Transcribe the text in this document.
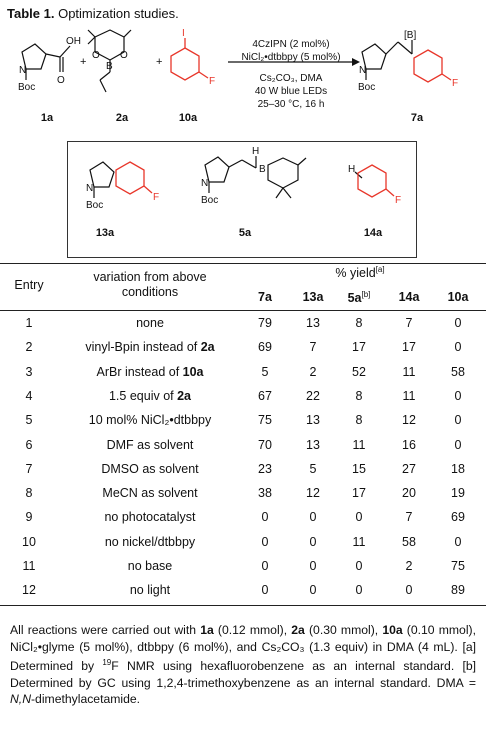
Table 1. Optimization studies.
N
Boc
OH
O
O O
B
I
F
N
Boc
[B]
F
N
Boc
F
N
Boc
H
B	H
F
+	+
1a	2a	10a	7a
4CzIPN (2 mol%)
NiCl₂•dtbbpy (5 mol%)
Cs₂CO₃, DMA
40 W blue LEDs
25–30 °C, 16 h
13a	5a	14a
Entry
variation from above conditions
% yield[a]
7a	13a	5a[b]	14a	10a
1	none	79	13	8	7	0
2	vinyl-Bpin instead of 2a	69	7	17	17	0
3	ArBr instead of 10a	5	2	52	11	58
4	1.5 equiv of 2a	67	22	8	11	0
5	10 mol% NiCl₂•dtbbpy	75	13	8	12	0
6	DMF as solvent	70	13	11	16	0
7	DMSO as solvent	23	5	15	27	18
8	MeCN as solvent	38	12	17	20	19
9	no photocatalyst	0	0	0	7	69
10	no nickel/dtbbpy	0	0	11	58	0
11	no base	0	0	0	2	75
12	no light	0	0	0	0	89
All reactions were carried out with 1a (0.12 mmol), 2a (0.30 mmol), 10a (0.10 mmol), NiCl₂•glyme (5 mol%), dtbbpy (6 mol%), and Cs₂CO₃ (1.3 equiv) in DMA (4 mL). [a] Determined by $^{19}$F NMR using hexafluorobenzene as an internal standard. [b] Determined by GC using 1,2,4-trimethoxybenzene as an internal standard. DMA = N,N-dimethylacetamide.
